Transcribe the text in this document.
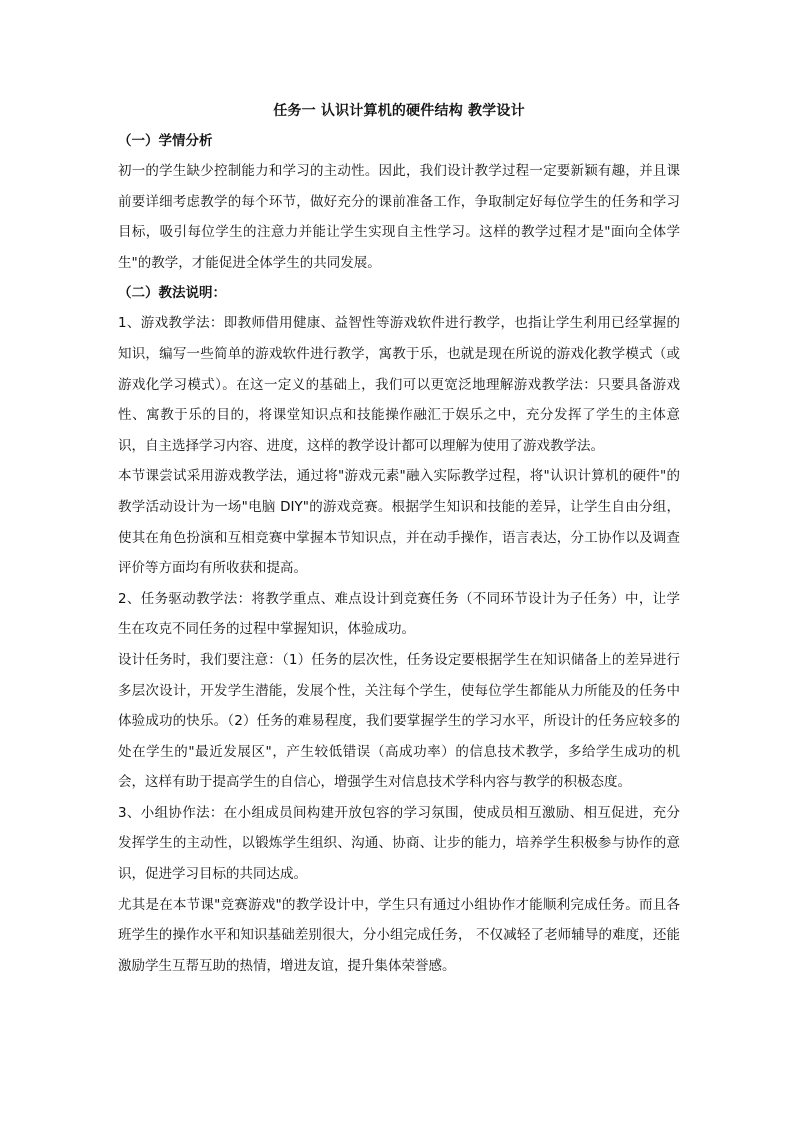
任务一 认识计算机的硬件结构 教学设计
（一）学情分析

初一的学生缺少控制能力和学习的主动性。因此，我们设计教学过程一定要新颖有趣，并且课前要详细考虑教学的每个环节，做好充分的课前准备工作，争取制定好每位学生的任务和学习目标，吸引每位学生的注意力并能让学生实现自主性学习。这样的教学过程才是"面向全体学生"的教学，才能促进全体学生的共同发展。

（二）教法说明：

1、游戏教学法：即教师借用健康、益智性等游戏软件进行教学，也指让学生利用已经掌握的知识，编写一些简单的游戏软件进行教学，寓教于乐，也就是现在所说的游戏化教学模式（或游戏化学习模式）。在这一定义的基础上，我们可以更宽泛地理解游戏教学法：只要具备游戏性、寓教于乐的目的，将课堂知识点和技能操作融汇于娱乐之中，充分发挥了学生的主体意识，自主选择学习内容、进度，这样的教学设计都可以理解为使用了游戏教学法。

本节课尝试采用游戏教学法，通过将"游戏元素"融入实际教学过程，将"认识计算机的硬件"的教学活动设计为一场"电脑 DIY"的游戏竞赛。根据学生知识和技能的差异，让学生自由分组，使其在角色扮演和互相竞赛中掌握本节知识点，并在动手操作，语言表达，分工协作以及调查评价等方面均有所收获和提高。

2、任务驱动教学法：将教学重点、难点设计到竞赛任务（不同环节设计为子任务）中，让学生在攻克不同任务的过程中掌握知识，体验成功。

设计任务时，我们要注意：（1）任务的层次性，任务设定要根据学生在知识储备上的差异进行多层次设计，开发学生潜能，发展个性，关注每个学生，使每位学生都能从力所能及的任务中体验成功的快乐。（2）任务的难易程度，我们要掌握学生的学习水平，所设计的任务应较多的处在学生的"最近发展区"，产生较低错误（高成功率）的信息技术教学，多给学生成功的机会，这样有助于提高学生的自信心，增强学生对信息技术学科内容与教学的积极态度。

3、小组协作法：在小组成员间构建开放包容的学习氛围，使成员相互激励、相互促进，充分发挥学生的主动性，以锻炼学生组织、沟通、协商、让步的能力，培养学生积极参与协作的意识，促进学习目标的共同达成。

尤其是在本节课"竞赛游戏"的教学设计中，学生只有通过小组协作才能顺利完成任务。而且各班学生的操作水平和知识基础差别很大，分小组完成任务， 不仅减轻了老师辅导的难度，还能激励学生互帮互助的热情，增进友谊，提升集体荣誉感。
